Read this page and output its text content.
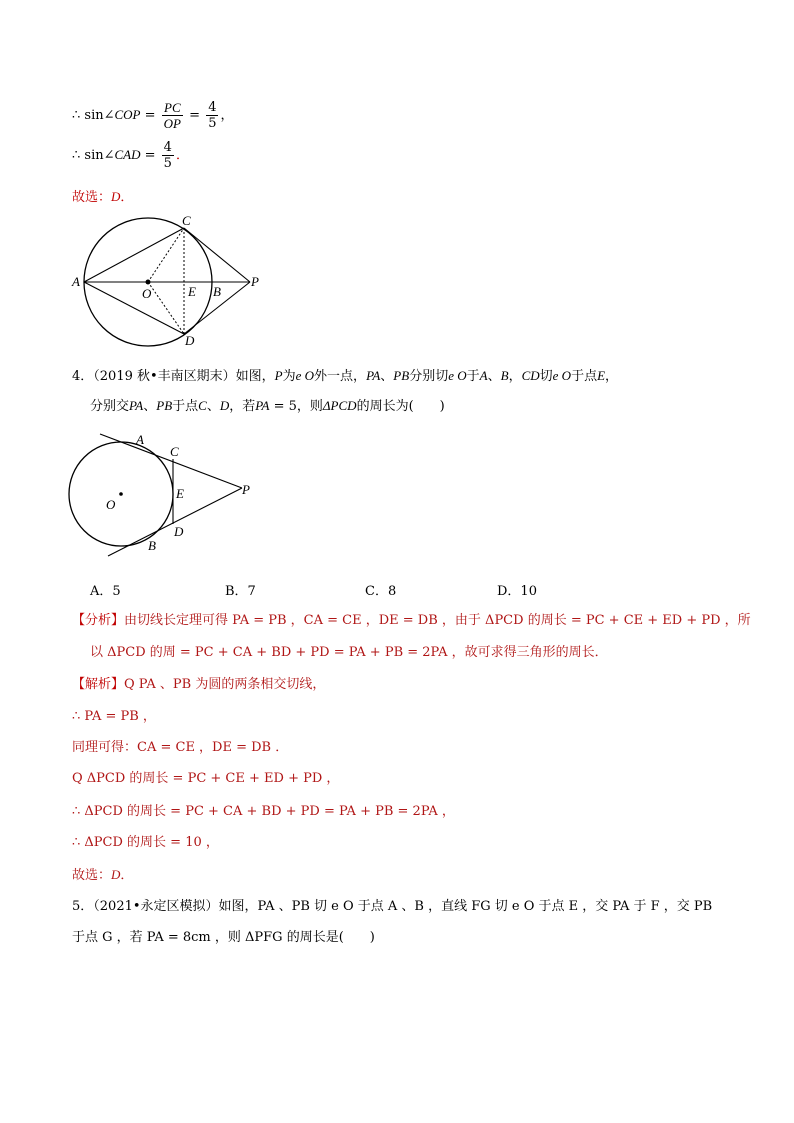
∴ sin∠COP = $\frac{PC}{OP} = \frac{4}{5}$ ，
∴ sin∠CAD = $\frac{4}{5}$ ．
故选：D．
A
C
O	E B
P
D
4．（2019 秋•丰南区期末）如图，P为e O外一点，PA、PB分别切e O于A、B，CD切e O于点E，
分别交PA、PB于点C、D，若PA = 5，则ΔPCD的周长为(　　)
A
C
O
E	P
D
B
A．5	B．7	C．8	D．10
【分析】由切线长定理可得 PA = PB ，CA = CE ，DE = DB ，由于 ΔPCD 的周长 = PC + CE + ED + PD ，所
以 ΔPCD 的周 = PC + CA + BD + PD = PA + PB = 2PA ，故可求得三角形的周长．
【解析】Q PA 、PB 为圆的两条相交切线，
∴ PA = PB ，
同理可得：CA = CE ，DE = DB ．
Q ΔPCD 的周长 = PC + CE + ED + PD ，
∴ ΔPCD 的周长 = PC + CA + BD + PD = PA + PB = 2PA ，
∴ ΔPCD 的周长 = 10 ，
故选：D．
5．（2021•永定区模拟）如图，PA 、PB 切 e O 于点 A 、B ，直线 FG 切 e O 于点 E ，交 PA 于 F ，交 PB
于点 G ，若 PA = 8cm ，则 ΔPFG 的周长是(　　)
